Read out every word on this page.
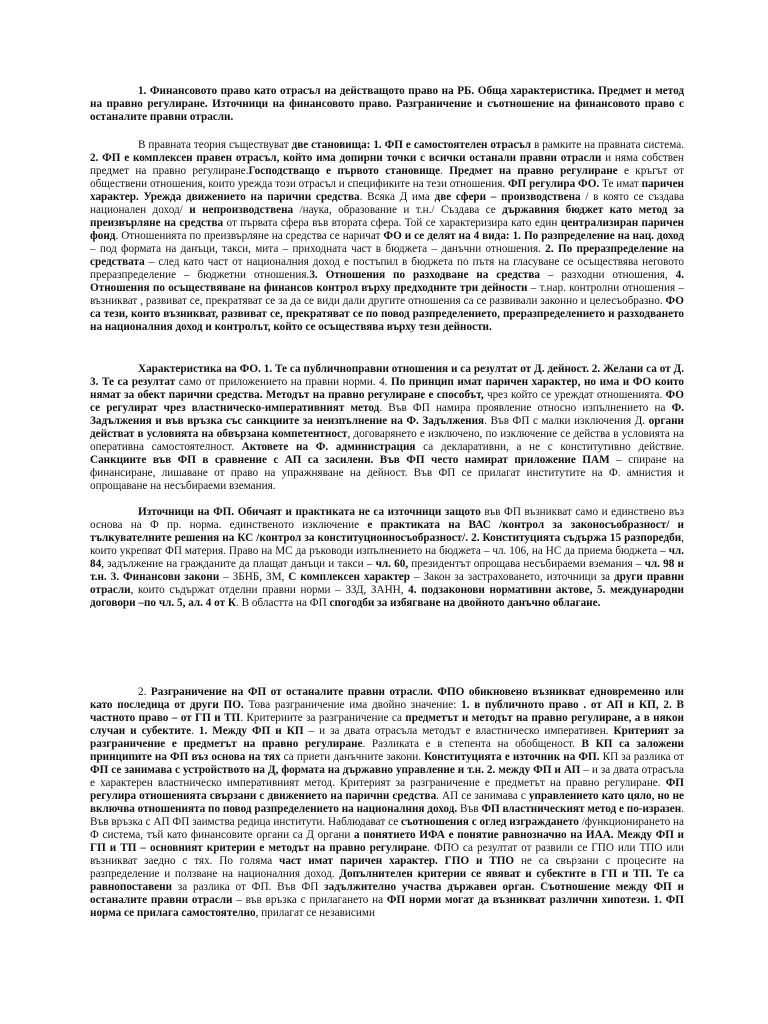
1. Финансовото право като отрасъл на действащото право на РБ. Обща характеристика. Предмет и метод на правно регулиране. Източници на финансовото право. Разграничение и съотношение на финансовото право с останалите правни отрасли.

В правната теория съществуват две становища: 1. ФП е самостоятелен отрасъл в рамките на правната система. 2. ФП е комплексен правен отрасъл, който има допирни точки с всички останали правни отрасли и няма собствен предмет на правно регулиране.Господстващо е първото становище. Предмет на правно регулиране е кръгът от обществени отношения, които урежда този отрасъл и спецификите на тези отношения. ФП регулира ФО. Те имат паричен характер. Урежда движението на парични средства. Всяка Д има две сфери – производствена / в която се създава национален доход/ и непроизводствена /наука, образование и т.н./ Създава се държавния бюджет като метод за преизвърляне на средства от първата сфера във втората сфера. Той се характеризира като един централизиран паричен фонд. Отношенията по преизвърляне на средства се наричат ФО и се делят на 4 вида: 1. По разпределение на нац. доход – под формата на данъци, такси, мита – приходната част в бюджета – данъчни отношения. 2. По преразпределение на средствата – след като част от националния доход е постъпил в бюджета по пътя на гласуване се осъществява неговото преразпределение – бюджетни отношения.3. Отношения по разходване на средства – разходни отношения, 4. Отношения по осъществяване на финансов контрол върху предходните три дейности – т.нар. контролни отношения – възникват , развиват се, прекратяват се за да се види дали другите отношения са се развивали законно и целесъобразно. ФО са тези, които възникват, развиват се, прекратяват се по повод разпределението, преразпределението и разходването на националния доход и контролът, който се осъществява върху тези дейности.

Характеристика на ФО. 1. Те са публичноправни отношения и са резултат от Д. дейност. 2. Желани са от Д. 3. Те са резултат само от приложението на правни норми. 4. По принцип имат паричен характер, но има и ФО които нямат за обект парични средства. Методът на правно регулиране е способът, чрез който се уреждат отношенията. ФО се регулират чрез властническо-императивният метод. Във ФП намира проявление относно изпълнението на Ф. Задължения и във връзка със санкциите за неизпълнение на Ф. Задължения. Във ФП с малки изключения Д. органи действат в условията на обвързана компетентност, договарянето е изключено, по изключение се действа в условията на оперативна самостоятелност. Актовете на Ф. администрация са декларативни, а не с конститутивно действие. Санкциите във ФП в сравнение с АП са засилени. Във ФП често намират приложение ПАМ – спиране на финансиране, лишаване от право на упражняване на дейност. Във ФП се прилагат институтите на Ф. амнистия и опрощаване на несъбираеми вземания.

Източници на ФП. Обичаят и практиката не са източници защото във ФП възникват само и единствено въз основа на Ф пр. норма. единственото изключение е практиката на ВАС /контрол за законосъобразност/ и тълкувателните решения на КС /контрол за конституционносъобразност/. 2. Конституцията съдържа 15 разпоредби, които укрепват ФП материя. Право на МС да ръководи изпълнението на бюджета – чл. 106, на НС да приема бюджета – чл. 84, задължение на гражданите да плащат данъци и такси – чл. 60, президентът опрощава несъбираеми вземания – чл. 98 и т.н. 3. Финансови закони – ЗБНБ, ЗМ, С комплексен характер – Закон за застраховането, източници за други правни отрасли, които съдържат отделни правни норми – ЗЗД, ЗАНН, 4. подзаконови нормативни актове, 5. международни договори –по чл. 5, ал. 4 от К. В областта на ФП спогодби за избягване на двойното данъчно облагане.

2. Разграничение на ФП от останалите правни отрасли. ФПО обикновено възникват едновременно или като последица от други ПО. Това разграничение има двойно значение: 1. в публичното право . от АП и КП, 2. В частното право – от ГП и ТП. Критериите за разграничение са предметът и методът на правно регулиране, а в някои случаи и субектите. 1. Между ФП и КП – и за двата отрасъла методът е властническо императивен. Критерият за разграничение е предметът на правно регулиране. Разликата е в степента на обобщеност. В КП са заложени принципите на ФП въз основа на тях са приети данъчните закони. Конституцията е източник на ФП. КП за разлика от ФП се занимава с устройството на Д, формата на държавно управление и т.н. 2. между ФП и АП – и за двата отрасъла е характерен властническо императивният метод. Критерият за разграничение е предметът на правно регулиране. ФП регулира отношенията свързани с движението на парични средства. АП се занимава с управлението като цяло, но не включва отношенията по повод разпределението на националния доход. Във ФП властническият метод е по-изразен. Във връзка с АП ФП заимства редица институти. Наблюдават се съотношения с оглед изграждането /функционирането на Ф система, тъй като финансовите органи са Д органи а понятието ИФА е понятие равнозначно на ИАА. Между ФП и ГП и ТП – основният критерии е методът на правно регулиране. ФПО са резултат от развили се ГПО или ТПО или възникват заедно с тях. По голяма част имат паричен характер. ГПО и ТПО не са свързани с процесите на разпределение и ползване на националния доход. Допълнителен критерии се явяват и субектите в ГП и ТП. Те са равнопоставени за разлика от ФП. Във ФП задължително участва държавен орган. Съотношение между ФП и останалите правни отрасли – във връзка с прилагането на ФП норми могат да възникват различни хипотези. 1. ФП норма се прилага самостоятелно, прилагат се независими
